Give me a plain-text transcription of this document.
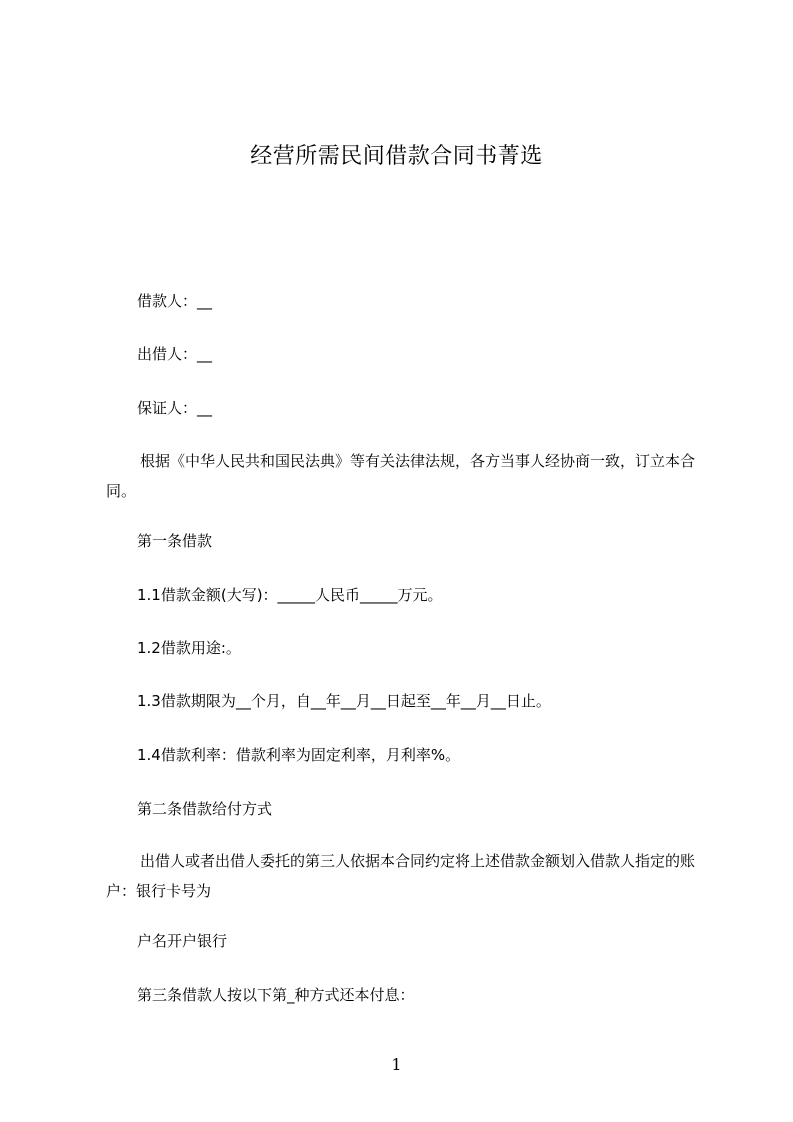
经营所需民间借款合同书菁选
借款人：__
出借人：__
保证人：__
根据《中华人民共和国民法典》等有关法律法规，各方当事人经协商一致，订立本合同。
第一条借款
1.1借款金额(大写)：_____人民币_____万元。
1.2借款用途:。
1.3借款期限为__个月，自__年__月__日起至__年__月__日止。
1.4借款利率：借款利率为固定利率，月利率%。
第二条借款给付方式
出借人或者出借人委托的第三人依据本合同约定将上述借款金额划入借款人指定的账户：银行卡号为
户名开户银行
第三条借款人按以下第_种方式还本付息：
1
